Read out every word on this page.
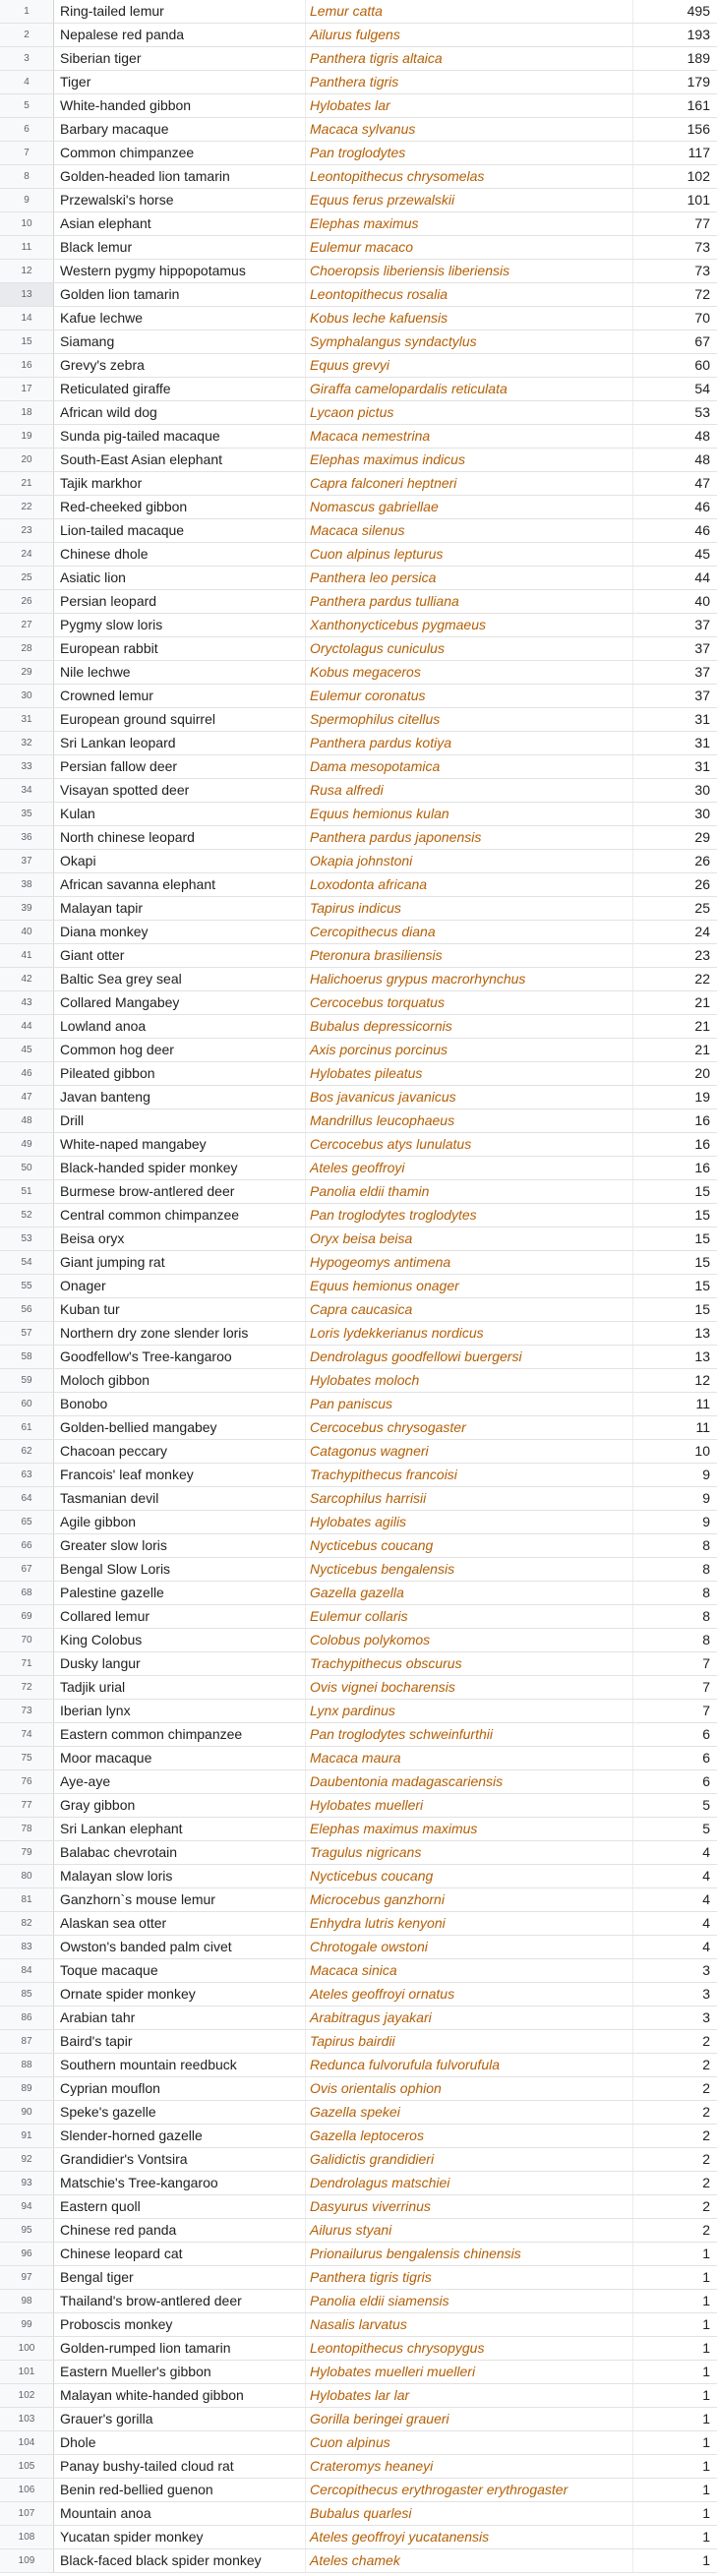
1	Ring-tailed lemur	Lemur catta	495
2	Nepalese red panda	Ailurus fulgens	193
3	Siberian tiger	Panthera tigris altaica	189
4	Tiger	Panthera tigris	179
5	White-handed gibbon	Hylobates lar	161
6	Barbary macaque	Macaca sylvanus	156
7	Common chimpanzee	Pan troglodytes	117
8	Golden-headed lion tamarin	Leontopithecus chrysomelas	102
9	Przewalski's horse	Equus ferus przewalskii	101
10	Asian elephant	Elephas maximus	77
11	Black lemur	Eulemur macaco	73
12	Western pygmy hippopotamus	Choeropsis liberiensis liberiensis	73
13	Golden lion tamarin	Leontopithecus rosalia	72
14	Kafue lechwe	Kobus leche kafuensis	70
15	Siamang	Symphalangus syndactylus	67
16	Grevy's zebra	Equus grevyi	60
17	Reticulated giraffe	Giraffa camelopardalis reticulata	54
18	African wild dog	Lycaon pictus	53
19	Sunda pig-tailed macaque	Macaca nemestrina	48
20	South-East Asian elephant	Elephas maximus indicus	48
21	Tajik markhor	Capra falconeri heptneri	47
22	Red-cheeked gibbon	Nomascus gabriellae	46
23	Lion-tailed macaque	Macaca silenus	46
24	Chinese dhole	Cuon alpinus lepturus	45
25	Asiatic lion	Panthera leo persica	44
26	Persian leopard	Panthera pardus tulliana	40
27	Pygmy slow loris	Xanthonycticebus pygmaeus	37
28	European rabbit	Oryctolagus cuniculus	37
29	Nile lechwe	Kobus megaceros	37
30	Crowned lemur	Eulemur coronatus	37
31	European ground squirrel	Spermophilus citellus	31
32	Sri Lankan leopard	Panthera pardus kotiya	31
33	Persian fallow deer	Dama mesopotamica	31
34	Visayan spotted deer	Rusa alfredi	30
35	Kulan	Equus hemionus kulan	30
36	North chinese leopard	Panthera pardus japonensis	29
37	Okapi	Okapia johnstoni	26
38	African savanna elephant	Loxodonta africana	26
39	Malayan tapir	Tapirus indicus	25
40	Diana monkey	Cercopithecus diana	24
41	Giant otter	Pteronura brasiliensis	23
42	Baltic Sea grey seal	Halichoerus grypus macrorhynchus	22
43	Collared Mangabey	Cercocebus torquatus	21
44	Lowland anoa	Bubalus depressicornis	21
45	Common hog deer	Axis porcinus porcinus	21
46	Pileated gibbon	Hylobates pileatus	20
47	Javan banteng	Bos javanicus javanicus	19
48	Drill	Mandrillus leucophaeus	16
49	White-naped mangabey	Cercocebus atys lunulatus	16
50	Black-handed spider monkey	Ateles geoffroyi	16
51	Burmese brow-antlered deer	Panolia eldii thamin	15
52	Central common chimpanzee	Pan troglodytes troglodytes	15
53	Beisa oryx	Oryx beisa beisa	15
54	Giant jumping rat	Hypogeomys antimena	15
55	Onager	Equus hemionus onager	15
56	Kuban tur	Capra caucasica	15
57	Northern dry zone slender loris	Loris lydekkerianus nordicus	13
58	Goodfellow's Tree-kangaroo	Dendrolagus goodfellowi buergersi	13
59	Moloch gibbon	Hylobates moloch	12
60	Bonobo	Pan paniscus	11
61	Golden-bellied mangabey	Cercocebus chrysogaster	11
62	Chacoan peccary	Catagonus wagneri	10
63	Francois' leaf monkey	Trachypithecus francoisi	9
64	Tasmanian devil	Sarcophilus harrisii	9
65	Agile gibbon	Hylobates agilis	9
66	Greater slow loris	Nycticebus coucang	8
67	Bengal Slow Loris	Nycticebus bengalensis	8
68	Palestine gazelle	Gazella gazella	8
69	Collared lemur	Eulemur collaris	8
70	King Colobus	Colobus polykomos	8
71	Dusky langur	Trachypithecus obscurus	7
72	Tadjik urial	Ovis vignei bocharensis	7
73	Iberian lynx	Lynx pardinus	7
74	Eastern common chimpanzee	Pan troglodytes schweinfurthii	6
75	Moor macaque	Macaca maura	6
76	Aye-aye	Daubentonia madagascariensis	6
77	Gray gibbon	Hylobates muelleri	5
78	Sri Lankan elephant	Elephas maximus maximus	5
79	Balabac chevrotain	Tragulus nigricans	4
80	Malayan slow loris	Nycticebus coucang	4
81	Ganzhorn`s mouse lemur	Microcebus ganzhorni	4
82	Alaskan sea otter	Enhydra lutris kenyoni	4
83	Owston's banded palm civet	Chrotogale owstoni	4
84	Toque macaque	Macaca sinica	3
85	Ornate spider monkey	Ateles geoffroyi ornatus	3
86	Arabian tahr	Arabitragus jayakari	3
87	Baird's tapir	Tapirus bairdii	2
88	Southern mountain reedbuck	Redunca fulvorufula fulvorufula	2
89	Cyprian mouflon	Ovis orientalis ophion	2
90	Speke's gazelle	Gazella spekei	2
91	Slender-horned gazelle	Gazella leptoceros	2
92	Grandidier's Vontsira	Galidictis grandidieri	2
93	Matschie's Tree-kangaroo	Dendrolagus matschiei	2
94	Eastern quoll	Dasyurus viverrinus	2
95	Chinese red panda	Ailurus styani	2
96	Chinese leopard cat	Prionailurus bengalensis chinensis	1
97	Bengal tiger	Panthera tigris tigris	1
98	Thailand's brow-antlered deer	Panolia eldii siamensis	1
99	Proboscis monkey	Nasalis larvatus	1
100	Golden-rumped lion tamarin	Leontopithecus chrysopygus	1
101	Eastern Mueller's gibbon	Hylobates muelleri muelleri	1
102	Malayan white-handed gibbon	Hylobates lar lar	1
103	Grauer's gorilla	Gorilla beringei graueri	1
104	Dhole	Cuon alpinus	1
105	Panay bushy-tailed cloud rat	Crateromys heaneyi	1
106	Benin red-bellied guenon	Cercopithecus erythrogaster erythrogaster	1
107	Mountain anoa	Bubalus quarlesi	1
108	Yucatan spider monkey	Ateles geoffroyi yucatanensis	1
109	Black-faced black spider monkey	Ateles chamek	1
